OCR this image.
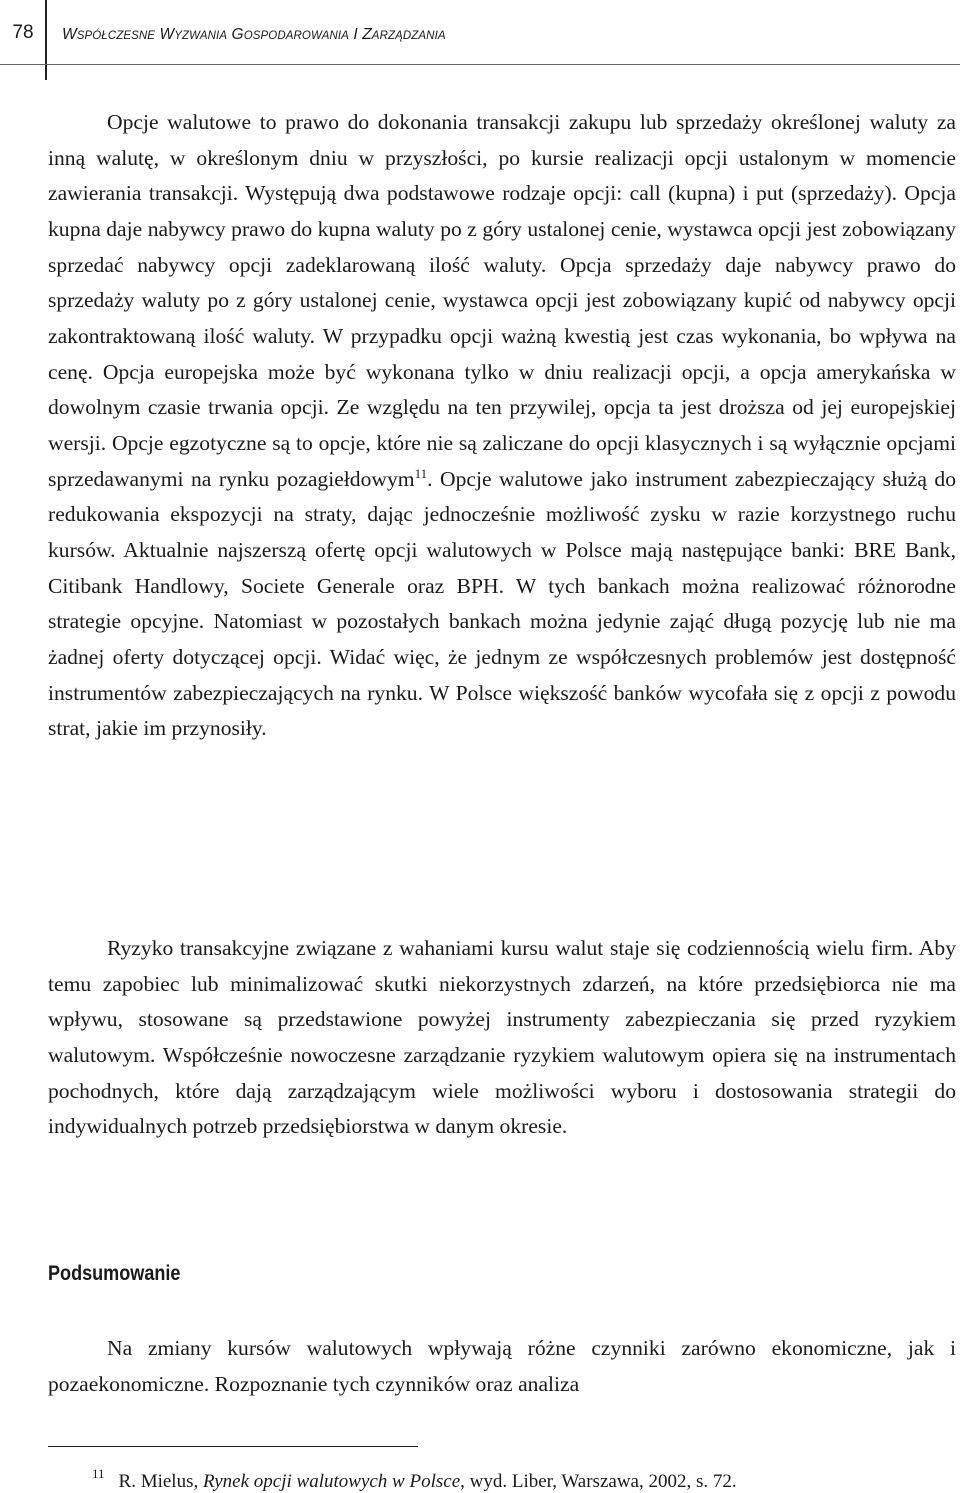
78	WSPÓŁCZESNE WYZWANIA GOSPODAROWANIA I ZARZĄDZANIA

Opcje walutowe to prawo do dokonania transakcji zakupu lub sprzedaży określonej waluty za inną walutę, w określonym dniu w przyszłości, po kursie realizacji opcji ustalonym w momencie zawierania transakcji. Występują dwa podstawowe rodzaje opcji: call (kupna) i put (sprzedaży). Opcja kupna daje nabywcy prawo do kupna waluty po z góry ustalonej cenie, wystawca opcji jest zobowiązany sprzedać nabywcy opcji zadeklarowaną ilość waluty. Opcja sprzedaży daje nabywcy prawo do sprzedaży waluty po z góry ustalonej cenie, wystawca opcji jest zobowiązany kupić od nabywcy opcji zakontraktowaną ilość waluty. W przypadku opcji ważną kwestią jest czas wykonania, bo wpływa na cenę. Opcja europejska może być wykonana tylko w dniu realizacji opcji, a opcja amerykańska w dowolnym czasie trwania opcji. Ze względu na ten przywilej, opcja ta jest droższa od jej europejskiej wersji. Opcje egzotyczne są to opcje, które nie są zaliczane do opcji klasycznych i są wyłącznie opcjami sprzedawanymi na rynku pozagiełdowym$^{11}$. Opcje walutowe jako instrument zabezpieczający służą do redukowania ekspozycji na straty, dając jednocześnie możliwość zysku w razie korzystnego ruchu kursów. Aktualnie najszerszą ofertę opcji walutowych w Polsce mają następujące banki: BRE Bank, Citibank Handlowy, Societe Generale oraz BPH. W tych bankach można realizować różnorodne strategie opcyjne. Natomiast w pozostałych bankach można jedynie zająć długą pozycję lub nie ma żadnej oferty dotyczącej opcji. Widać więc, że jednym ze współczesnych problemów jest dostępność instrumentów zabezpieczających na rynku. W Polsce większość banków wycofała się z opcji z powodu strat, jakie im przynosiły.

Ryzyko transakcyjne związane z wahaniami kursu walut staje się codziennością wielu firm. Aby temu zapobiec lub minimalizować skutki niekorzystnych zdarzeń, na które przedsiębiorca nie ma wpływu, stosowane są przedstawione powyżej instrumenty zabezpieczania się przed ryzykiem walutowym. Współcześnie nowoczesne zarządzanie ryzykiem walutowym opiera się na instrumentach pochodnych, które dają zarządzającym wiele możliwości wyboru i dostosowania strategii do indywidualnych potrzeb przedsiębiorstwa w danym okresie.

Podsumowanie

Na zmiany kursów walutowych wpływają różne czynniki zarówno ekonomiczne, jak i pozaekonomiczne. Rozpoznanie tych czynników oraz analiza

$^{11}$ R. Mielus, Rynek opcji walutowych w Polsce, wyd. Liber, Warszawa, 2002, s. 72.
